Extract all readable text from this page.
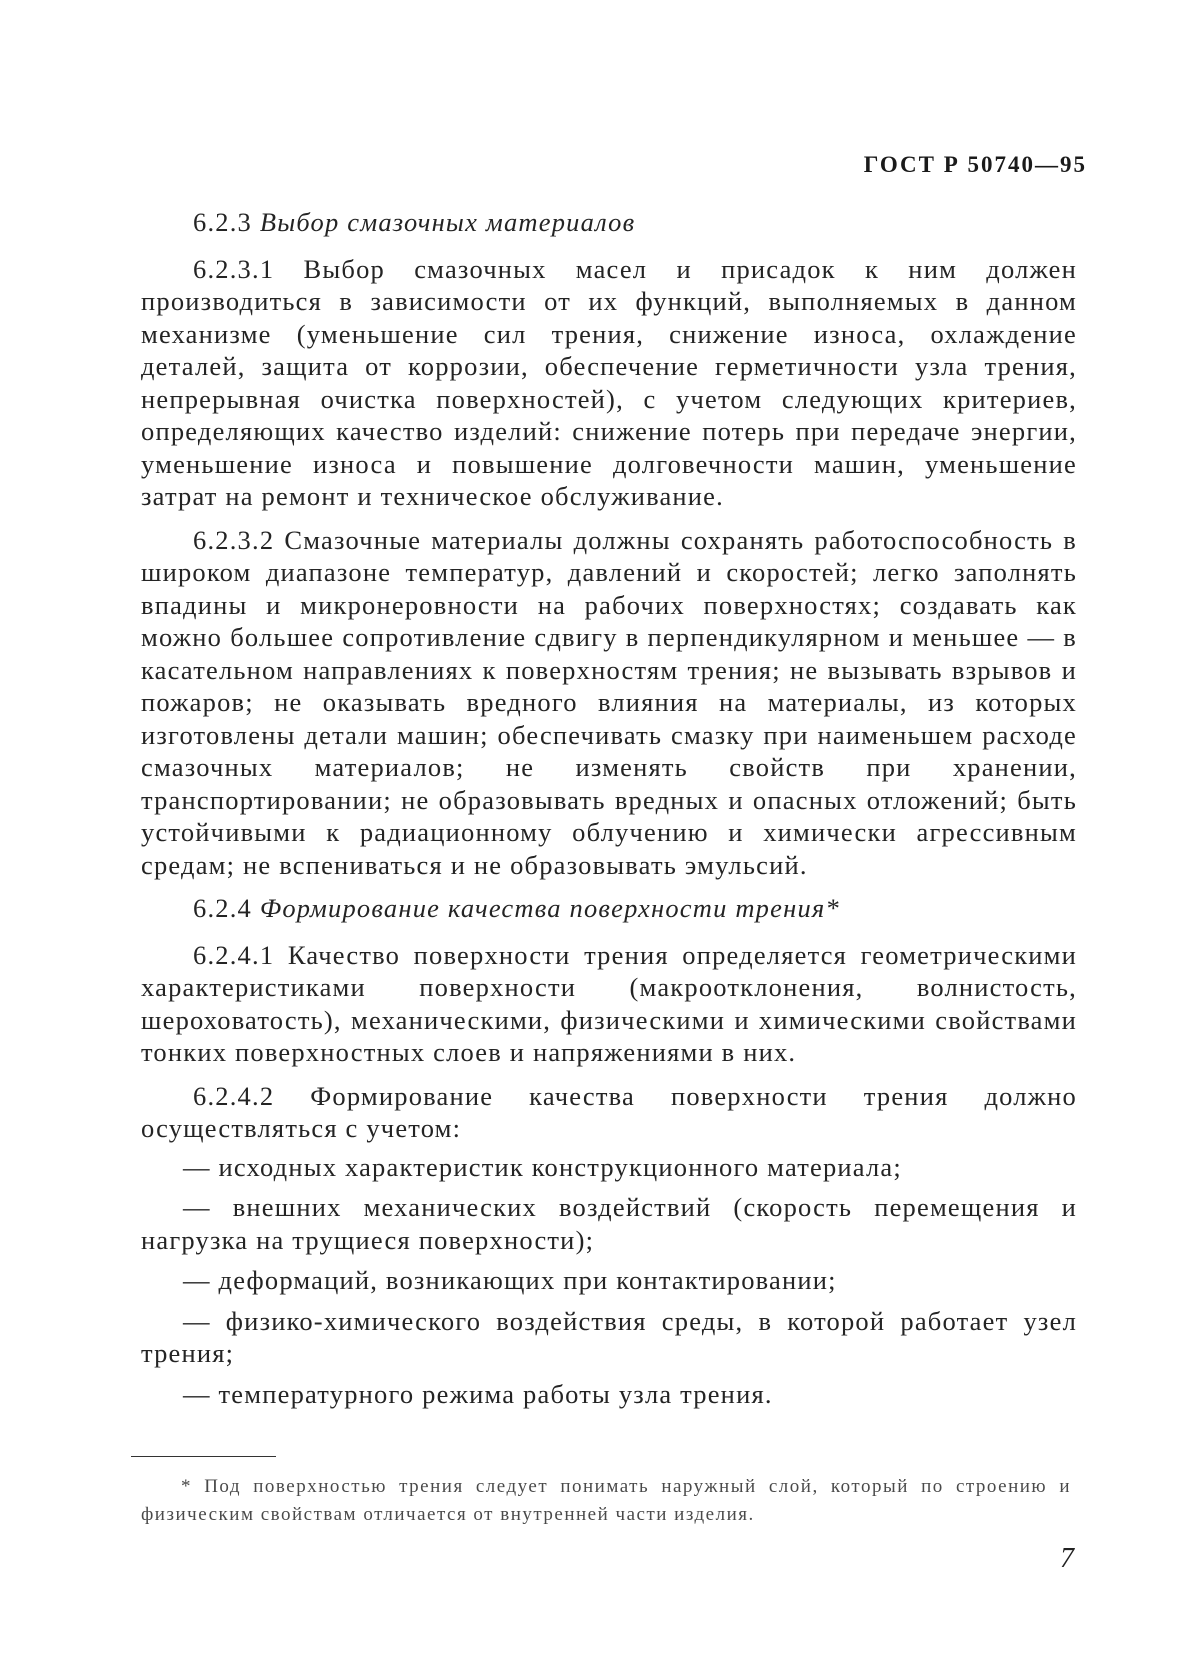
ГОСТ Р 50740—95

6.2.3 Выбор смазочных материалов

6.2.3.1 Выбор смазочных масел и присадок к ним должен производиться в зависимости от их функций, выполняемых в данном механизме (уменьшение сил трения, снижение износа, охлаждение деталей, защита от коррозии, обеспечение герметичности узла трения, непрерывная очистка поверхностей), с учетом следующих критериев, определяющих качество изделий: снижение потерь при передаче энергии, уменьшение износа и повышение долговечности машин, уменьшение затрат на ремонт и техническое обслуживание.

6.2.3.2 Смазочные материалы должны сохранять работоспособность в широком диапазоне температур, давлений и скоростей; легко заполнять впадины и микронеровности на рабочих поверхностях; создавать как можно большее сопротивление сдвигу в перпендикулярном и меньшее — в касательном направлениях к поверхностям трения; не вызывать взрывов и пожаров; не оказывать вредного влияния на материалы, из которых изготовлены детали машин; обеспечивать смазку при наименьшем расходе смазочных материалов; не изменять свойств при хранении, транспортировании; не образовывать вредных и опасных отложений; быть устойчивыми к радиационному облучению и химически агрессивным средам; не вспениваться и не образовывать эмульсий.

6.2.4 Формирование качества поверхности трения*

6.2.4.1 Качество поверхности трения определяется геометрическими характеристиками поверхности (макроотклонения, волнистость, шероховатость), механическими, физическими и химическими свойствами тонких поверхностных слоев и напряжениями в них.

6.2.4.2 Формирование качества поверхности трения должно осуществляться с учетом:

— исходных характеристик конструкционного материала;

— внешних механических воздействий (скорость перемещения и нагрузка на трущиеся поверхности);

— деформаций, возникающих при контактировании;

— физико-химического воздействия среды, в которой работает узел трения;

— температурного режима работы узла трения.

* Под поверхностью трения следует понимать наружный слой, который по строению и физическим свойствам отличается от внутренней части изделия.
7
